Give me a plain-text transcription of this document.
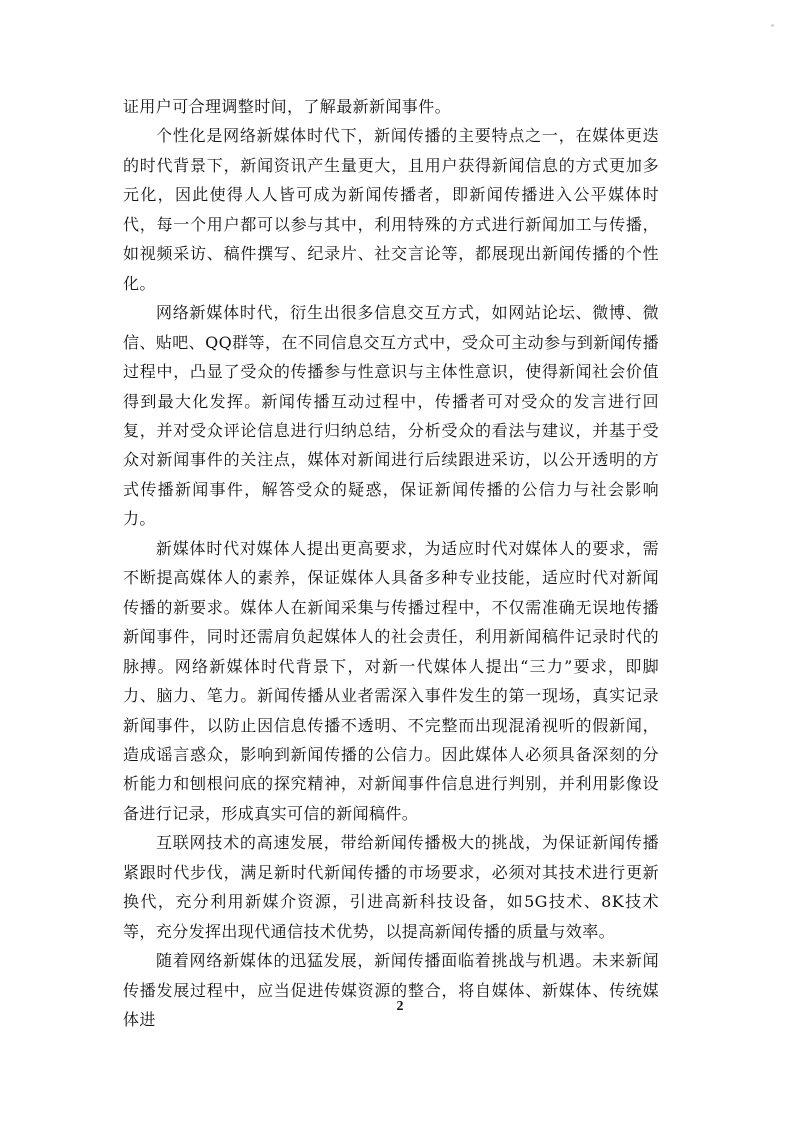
证用户可合理调整时间，了解最新新闻事件。

个性化是网络新媒体时代下，新闻传播的主要特点之一，在媒体更迭的时代背景下，新闻资讯产生量更大，且用户获得新闻信息的方式更加多元化，因此使得人人皆可成为新闻传播者，即新闻传播进入公平媒体时代，每一个用户都可以参与其中，利用特殊的方式进行新闻加工与传播，如视频采访、稿件撰写、纪录片、社交言论等，都展现出新闻传播的个性化。

网络新媒体时代，衍生出很多信息交互方式，如网站论坛、微博、微信、贴吧、QQ群等，在不同信息交互方式中，受众可主动参与到新闻传播过程中，凸显了受众的传播参与性意识与主体性意识，使得新闻社会价值得到最大化发挥。新闻传播互动过程中，传播者可对受众的发言进行回复，并对受众评论信息进行归纳总结，分析受众的看法与建议，并基于受众对新闻事件的关注点，媒体对新闻进行后续跟进采访，以公开透明的方式传播新闻事件，解答受众的疑惑，保证新闻传播的公信力与社会影响力。

新媒体时代对媒体人提出更高要求，为适应时代对媒体人的要求，需不断提高媒体人的素养，保证媒体人具备多种专业技能，适应时代对新闻传播的新要求。媒体人在新闻采集与传播过程中，不仅需准确无误地传播新闻事件，同时还需肩负起媒体人的社会责任，利用新闻稿件记录时代的脉搏。网络新媒体时代背景下，对新一代媒体人提出“三力”要求，即脚力、脑力、笔力。新闻传播从业者需深入事件发生的第一现场，真实记录新闻事件，以防止因信息传播不透明、不完整而出现混淆视听的假新闻，造成谣言惑众，影响到新闻传播的公信力。因此媒体人必须具备深刻的分析能力和刨根问底的探究精神，对新闻事件信息进行判别，并利用影像设备进行记录，形成真实可信的新闻稿件。

互联网技术的高速发展，带给新闻传播极大的挑战，为保证新闻传播紧跟时代步伐，满足新时代新闻传播的市场要求，必须对其技术进行更新换代，充分利用新媒介资源，引进高新科技设备，如5G技术、8K技术等，充分发挥出现代通信技术优势，以提高新闻传播的质量与效率。

随着网络新媒体的迅猛发展，新闻传播面临着挑战与机遇。未来新闻传播发展过程中，应当促进传媒资源的整合，将自媒体、新媒体、传统媒体进

2
